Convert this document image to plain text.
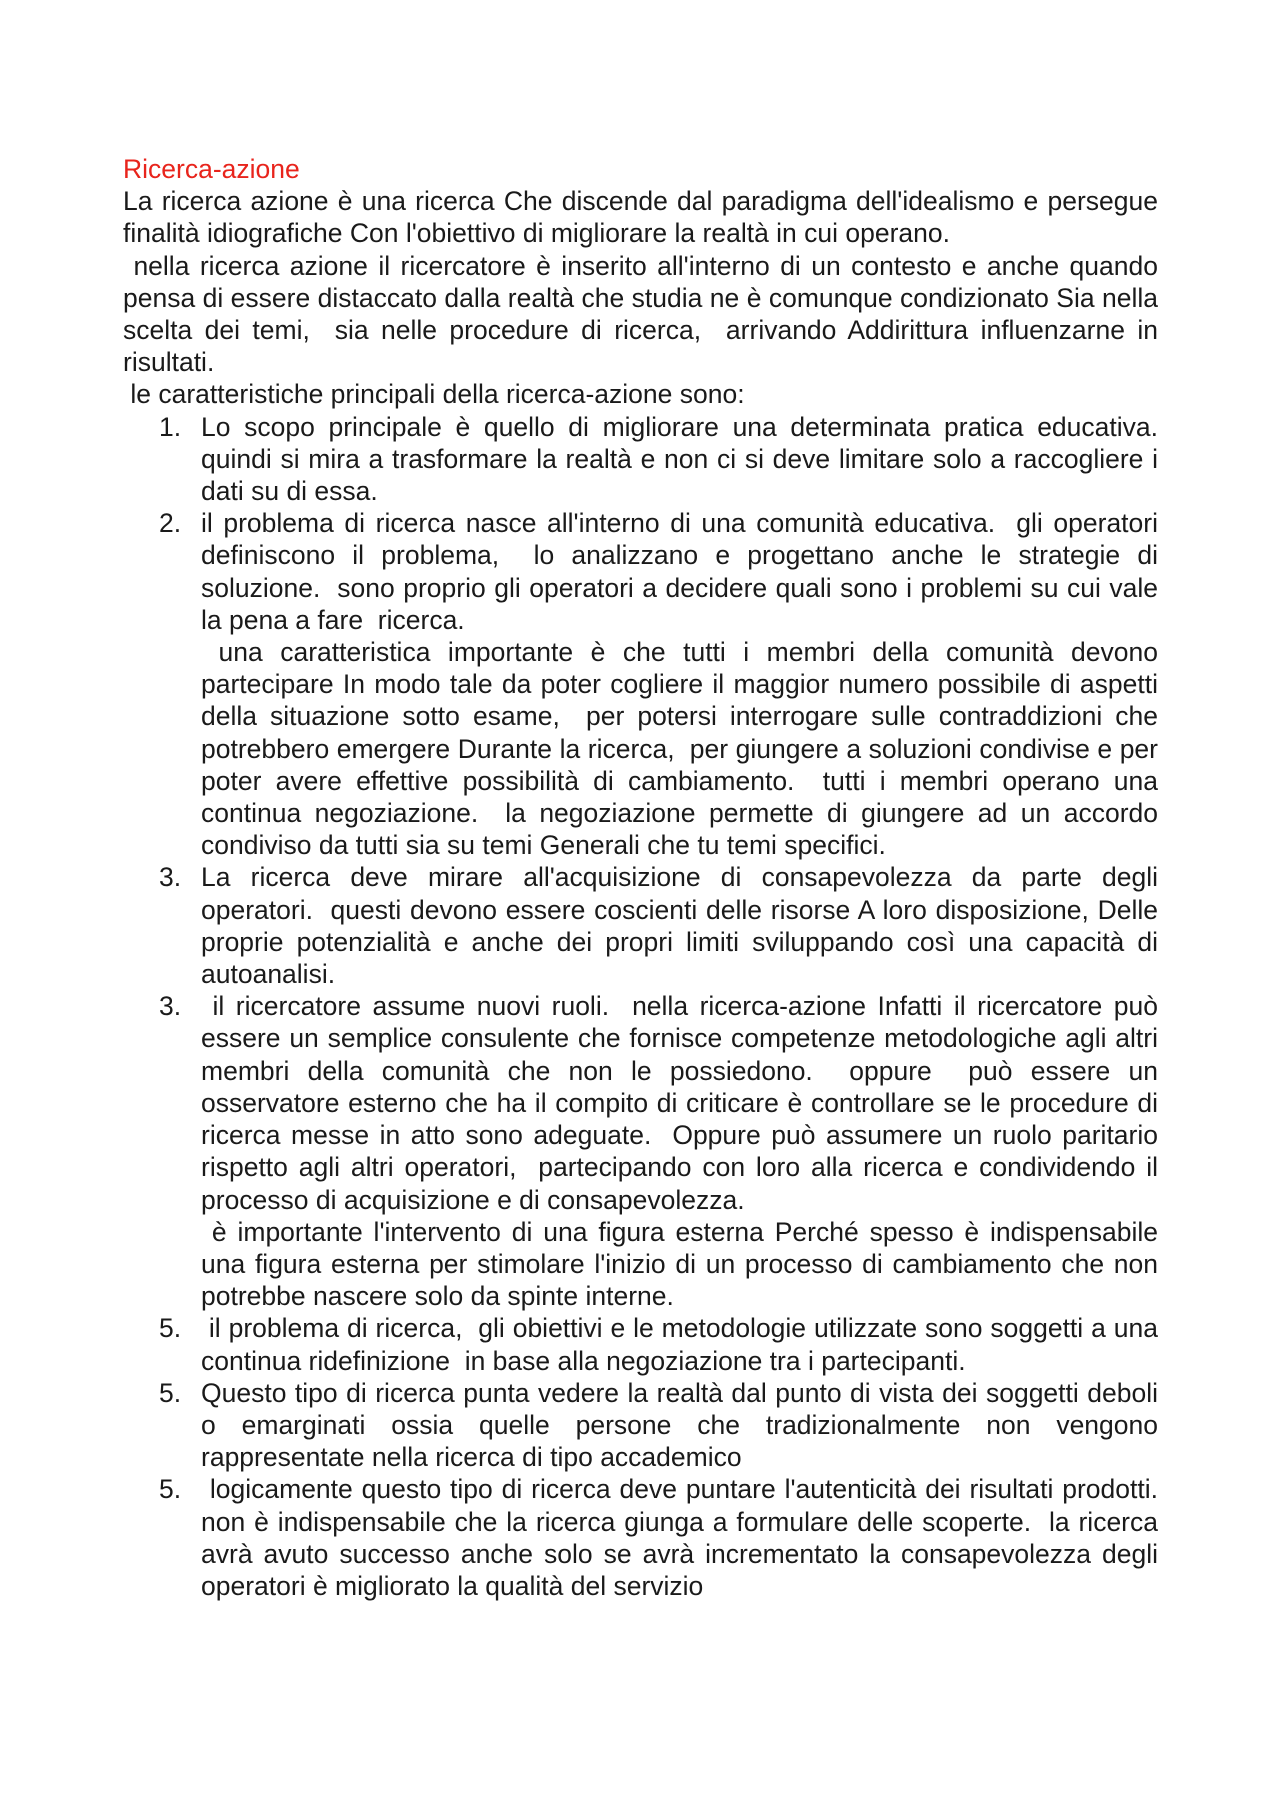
Ricerca-azione

La ricerca azione è una ricerca Che discende dal paradigma dell'idealismo e persegue finalità idiografiche Con l'obiettivo di migliorare la realtà in cui operano.

nella ricerca azione il ricercatore è inserito all'interno di un contesto e anche quando pensa di essere distaccato dalla realtà che studia ne è comunque condizionato Sia nella scelta dei temi,  sia nelle procedure di ricerca,  arrivando Addirittura influenzarne in risultati.

le caratteristiche principali della ricerca-azione sono:

1. Lo scopo principale è quello di migliorare una determinata pratica educativa.  quindi si mira a trasformare la realtà e non ci si deve limitare solo a raccogliere i dati su di essa.

2. il problema di ricerca nasce all'interno di una comunità educativa.  gli operatori definiscono il problema,  lo analizzano e progettano anche le strategie di soluzione.  sono proprio gli operatori a decidere quali sono i problemi su cui vale la pena a fare  ricerca.

una caratteristica importante è che tutti i membri della comunità devono partecipare In modo tale da poter cogliere il maggior numero possibile di aspetti della situazione sotto esame,  per potersi interrogare sulle contraddizioni che potrebbero emergere Durante la ricerca,  per giungere a soluzioni condivise e per poter avere effettive possibilità di cambiamento.  tutti i membri operano una continua negoziazione.  la negoziazione permette di giungere ad un accordo condiviso da tutti sia su temi Generali che tu temi specifici.

3. La ricerca deve mirare all'acquisizione di consapevolezza da parte degli operatori.  questi devono essere coscienti delle risorse A loro disposizione, Delle proprie potenzialità e anche dei propri limiti sviluppando così una capacità di autoanalisi.

3. il ricercatore assume nuovi ruoli.  nella ricerca-azione Infatti il ricercatore può essere un semplice consulente che fornisce competenze metodologiche agli altri membri della comunità che non le possiedono.  oppure  può essere un osservatore esterno che ha il compito di criticare è controllare se le procedure di ricerca messe in atto sono adeguate.  Oppure può assumere un ruolo paritario rispetto agli altri operatori,  partecipando con loro alla ricerca e condividendo il processo di acquisizione e di consapevolezza.

è importante l'intervento di una figura esterna Perché spesso è indispensabile una figura esterna per stimolare l'inizio di un processo di cambiamento che non potrebbe nascere solo da spinte interne.

5. il problema di ricerca,  gli obiettivi e le metodologie utilizzate sono soggetti a una continua ridefinizione  in base alla negoziazione tra i partecipanti.

5. Questo tipo di ricerca punta vedere la realtà dal punto di vista dei soggetti deboli o emarginati ossia quelle persone che tradizionalmente non vengono rappresentate nella ricerca di tipo accademico

5. logicamente questo tipo di ricerca deve puntare l'autenticità dei risultati prodotti.  non è indispensabile che la ricerca giunga a formulare delle scoperte.  la ricerca avrà avuto successo anche solo se avrà incrementato la consapevolezza degli operatori è migliorato la qualità del servizio
